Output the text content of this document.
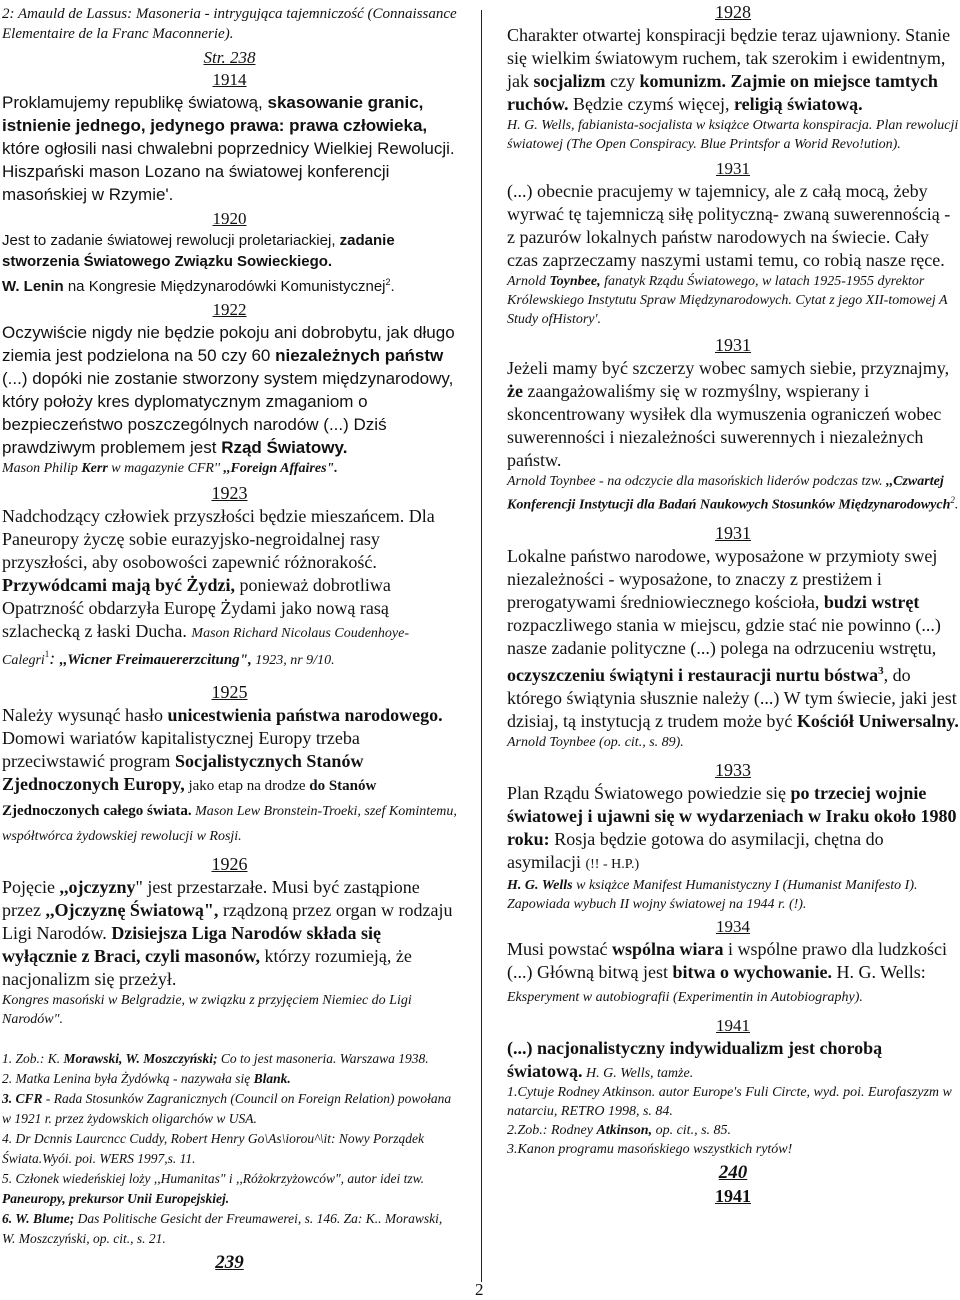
2: Amauld de Lassus: Masoneria - intrygująca tajemniczość (Connaissance Elementaire de la Franc Maconnerie).

Str. 238

1914

Proklamujemy republikę światową, skasowanie granic, istnienie jednego, jedynego prawa: prawa człowieka, które ogłosili nasi chwalebni poprzednicy Wielkiej Rewolucji. Hiszpański mason Lozano na światowej konferencji masońskiej w Rzymie'.

1920

Jest to zadanie światowej rewolucji proletariackiej, zadanie stworzenia Światowego Związku Sowieckiego.
W. Lenin na Kongresie Międzynarodówki Komunistycznej$^2$.

1922

Oczywiście nigdy nie będzie pokoju ani dobrobytu, jak długo ziemia jest podzielona na 50 czy 60 niezależnych państw (...) dopóki nie zostanie stworzony system międzynarodowy, który położy kres dyplomatycznym zmaganiom o bezpieczeństwo poszczególnych narodów (...) Dziś prawdziwym problemem jest Rząd Światowy.

Mason Philip Kerr w magazynie CFR'' ,,Foreign Affaires".

1923

Nadchodzący człowiek przyszłości będzie mieszańcem. Dla Paneuropy życzę sobie eurazyjsko-negroidalnej rasy przyszłości, aby osobowości zapewnić różnorakość. Przywódcami mają być Żydzi, ponieważ dobrotliwa Opatrzność obdarzyła Europę Żydami jako nową rasą szlachecką z łaski Ducha. Mason Richard Nicolaus Coudenhoye-Calegri$^1$: ,,Wicner Freimauererzcitung", 1923, nr 9/10.

1925

Należy wysunąć hasło unicestwienia państwa narodowego. Domowi wariatów kapitalistycznej Europy trzeba przeciwstawić program Socjalistycznych Stanów Zjednoczonych Europy, jako etap na drodze do Stanów Zjednoczonych całego świata. Mason Lew Bronstein-Troeki, szef Komintemu, współtwórca żydowskiej rewolucji w Rosji.

1926

Pojęcie ,,ojczyzny" jest przestarzałe. Musi być zastąpione przez ,,Ojczyznę Światową", rządzoną przez organ w rodzaju Ligi Narodów. Dzisiejsza Liga Narodów składa się wyłącznie z Braci, czyli masonów, którzy rozumieją, że nacjonalizm się przeżył.

Kongres masoński w Belgradzie, w związku z przyjęciem Niemiec do Ligi Narodów".

1. Zob.: K. Morawski, W. Moszczyński; Co to jest masoneria. Warszawa 1938.

2. Matka Lenina była Żydówką - nazywała się Blank.

3. CFR - Rada Stosunków Zagranicznych (Council on Foreign Relation) powołana w 1921 r. przez żydowskich oligarchów w USA.

4. Dr Dcnnis Laurcncc Cuddy, Robert Henry Go\As\iorou^\it: Nowy Porządek Świata.Wyói. poi. WERS 1997,s. 11.

5. Członek wiedeńskiej loży ,,Humanitas" i ,,Różokrzyżowców", autor idei tzw. Paneuropy, prekursor Unii Europejskiej.

6. W. Blume; Das Politische Gesicht der Freumawerei, s. 146. Za: K.. Morawski, W. Moszczyński, op. cit., s. 21.

239

1928

Charakter otwartej konspiracji będzie teraz ujawniony. Stanie się wielkim światowym ruchem, tak szerokim i ewidentnym, jak socjalizm czy komunizm. Zajmie on miejsce tamtych ruchów. Będzie czymś więcej, religią światową.

H. G. Wells, fabianista-socjalista w książce Otwarta konspiracja. Plan rewolucji światowej (The Open Conspiracy. Blue Printsfor a Worid Revo!ution).

1931

(...) obecnie pracujemy w tajemnicy, ale z całą mocą, żeby wyrwać tę tajemniczą siłę polityczną- zwaną suwerennością - z pazurów lokalnych państw narodowych na świecie. Cały czas zaprzeczamy naszymi ustami temu, co robią nasze ręce.

Arnold Toynbee, fanatyk Rządu Światowego, w latach 1925-1955 dyrektor Królewskiego Instytutu Spraw Międzynarodowych. Cytat z jego XII-tomowej A Study ofHistory'.

1931

Jeżeli mamy być szczerzy wobec samych siebie, przyznajmy, że zaangażowaliśmy się w rozmyślny, wspierany i skoncentrowany wysiłek dla wymuszenia ograniczeń wobec suwerenności i niezależności suwerennych i niezależnych państw.

Arnold Toynbee - na odczycie dla masońskich liderów podczas tzw. ,,Czwartej Konferencji Instytucji dla Badań Naukowych Stosunków Międzynarodowych$^2$.

1931

Lokalne państwo narodowe, wyposażone w przymioty swej niezależności - wyposażone, to znaczy z prestiżem i prerogatywami średniowiecznego kościoła, budzi wstręt rozpaczliwego stania w miejscu, gdzie stać nie powinno (...) nasze zadanie polityczne (...) polega na odrzuceniu wstrętu, oczyszczeniu świątyni i restauracji nurtu bóstwa$^3$, do którego świątynia słusznie należy (...) W tym świecie, jaki jest dzisiaj, tą instytucją z trudem może być Kościół Uniwersalny.

Arnold Toynbee (op. cit., s. 89).

1933

Plan Rządu Światowego powiedzie się po trzeciej wojnie światowej i ujawni się w wydarzeniach w Iraku około 1980 roku: Rosja będzie gotowa do asymilacji, chętna do asymilacji (!! - H.P.)

H. G. Wells w książce Manifest Humanistyczny I (Humanist Manifesto I). Zapowiada wybuch II wojny światowej na 1944 r. (!).

1934

Musi powstać wspólna wiara i wspólne prawo dla ludzkości (...) Główną bitwą jest bitwa o wychowanie. H. G. Wells: Eksperyment w autobiografii (Experimentin in Autobiography).

1941

(...) nacjonalistyczny indywidualizm jest chorobą światową. H. G. Wells, tamże.

1.Cytuje Rodney Atkinson. autor Europe's Fuli Circte, wyd. poi. Eurofaszyzm w natarciu, RETRO 1998, s. 84.

2.Zob.: Rodney Atkinson, op. cit., s. 85.

3.Kanon programu masońskiego wszystkich rytów!

240

1941

2
